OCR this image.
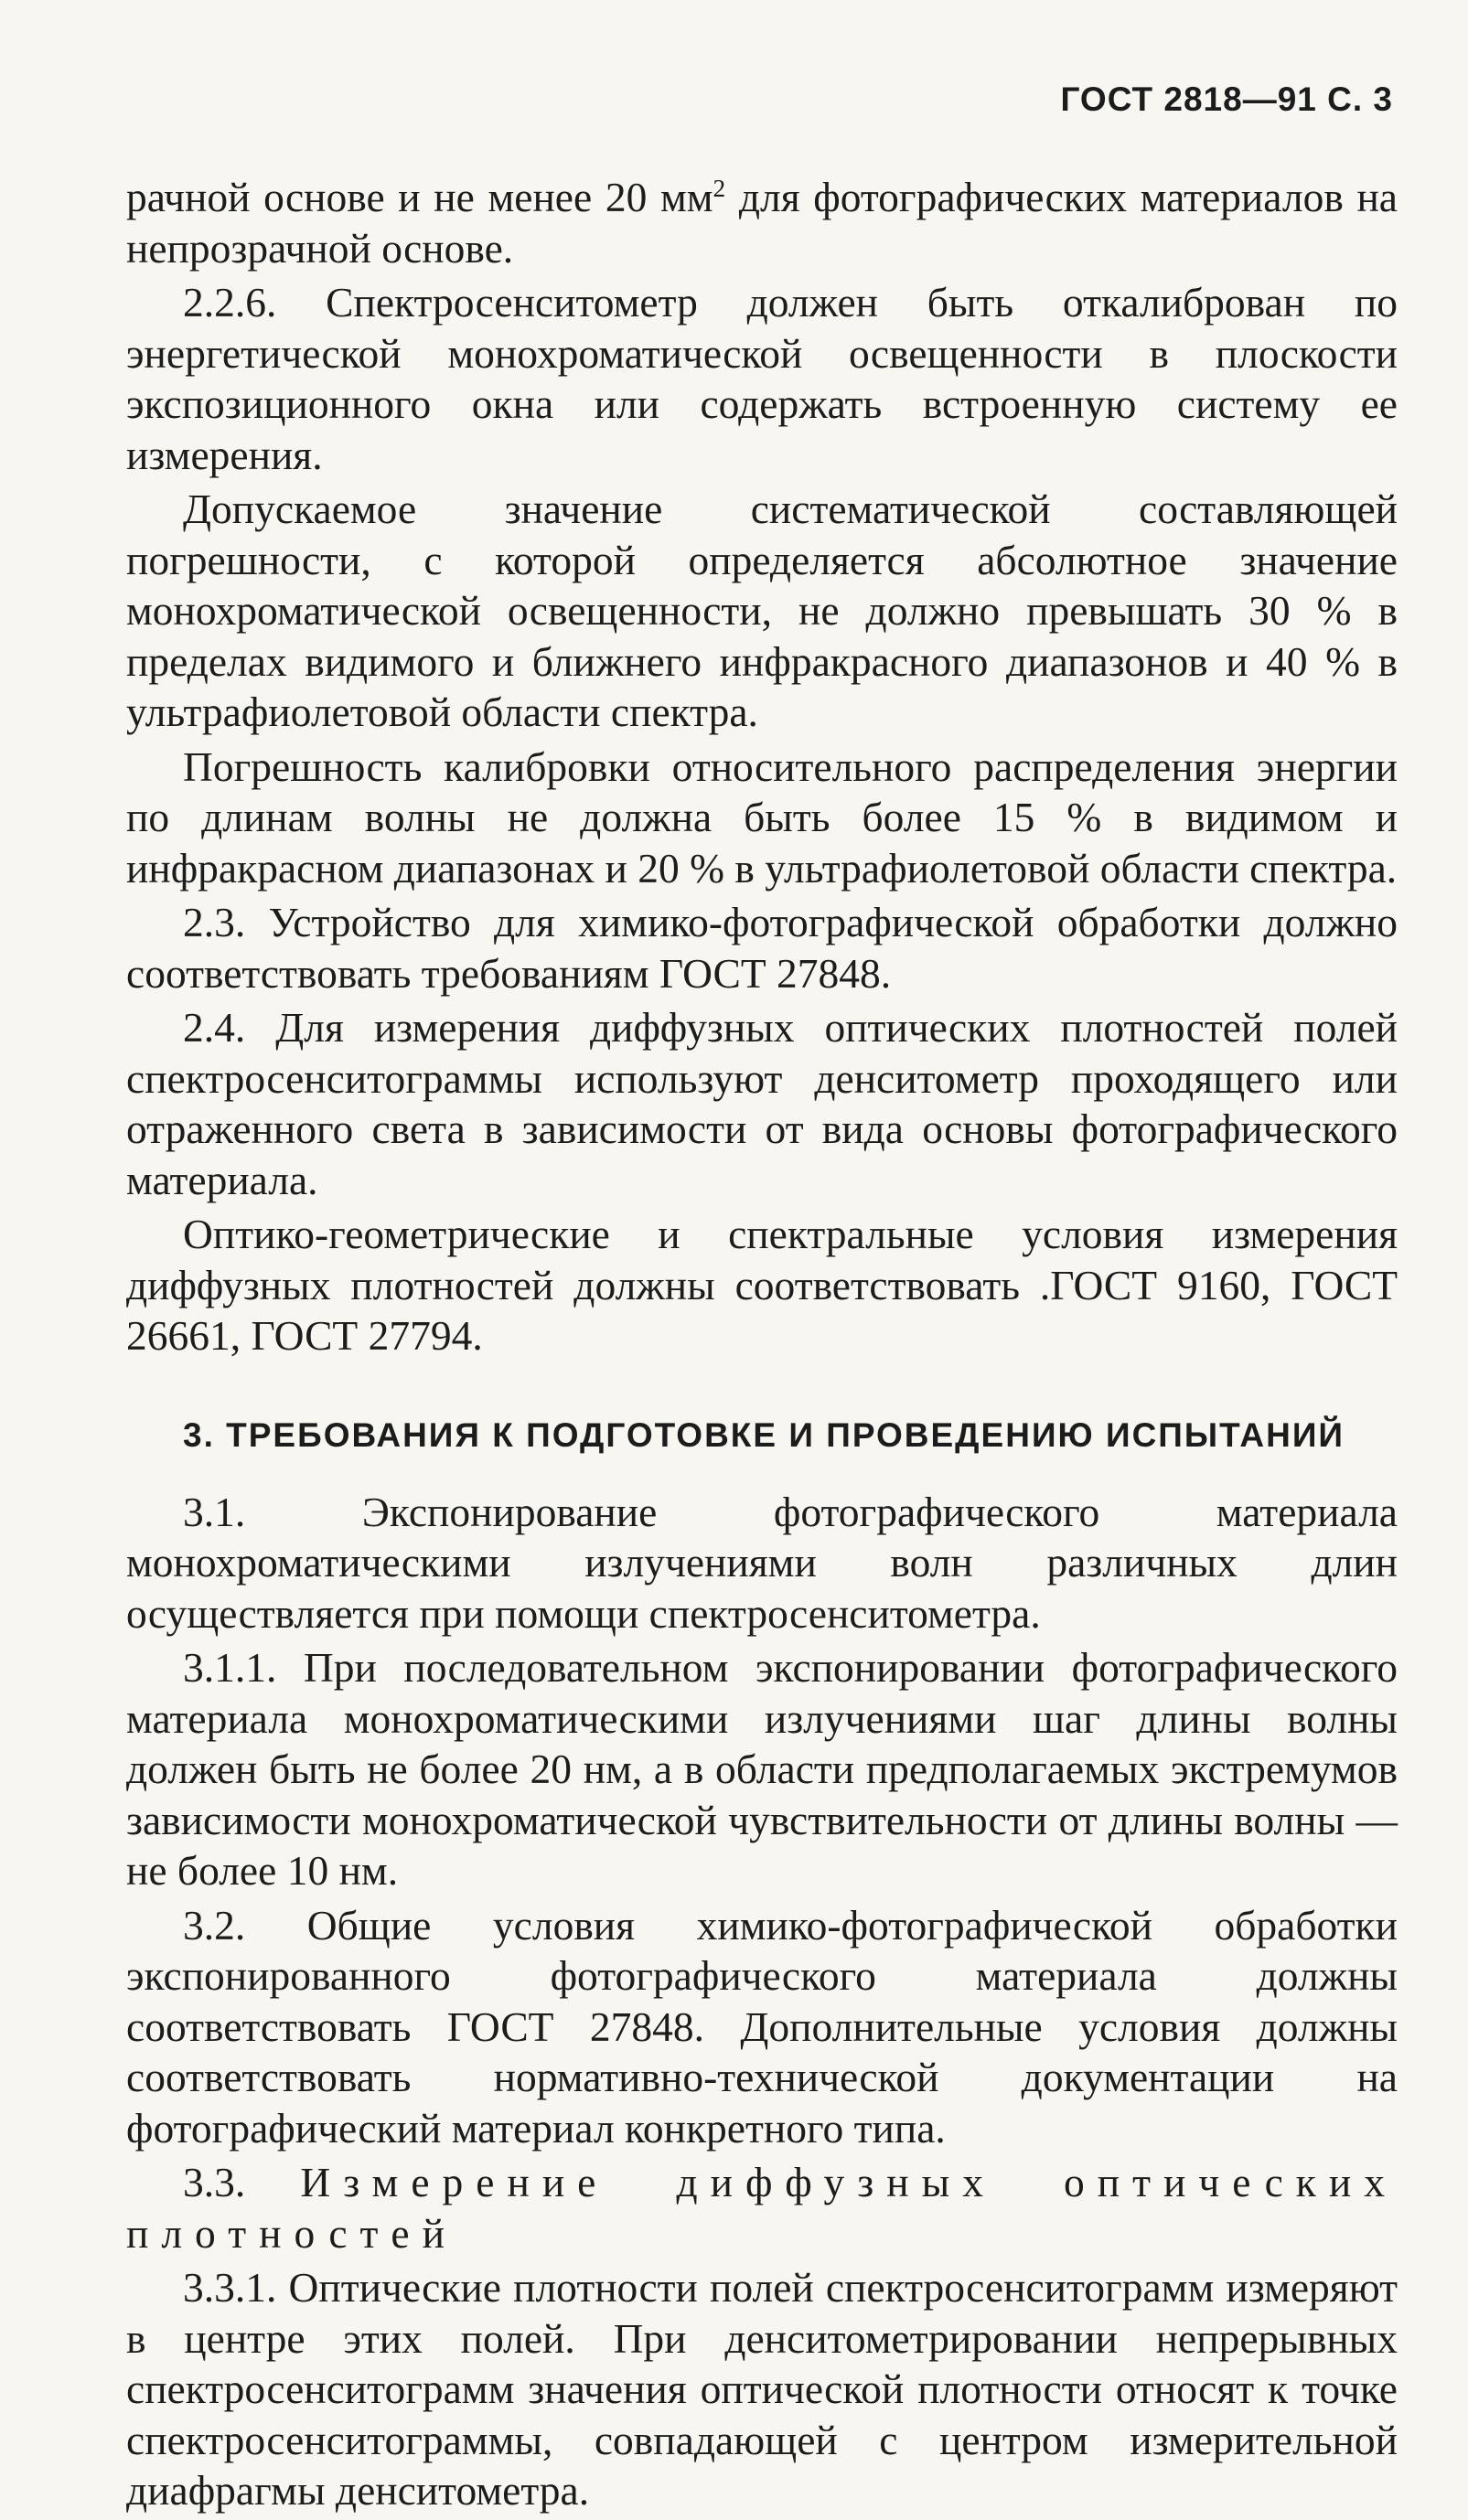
ГОСТ 2818—91 С. 3

рачной основе и не менее 20 $мм^2$ для фотографических материалов на непрозрачной основе.

2.2.6. Спектросенситометр должен быть откалиброван по энергетической монохроматической освещенности в плоскости экспозиционного окна или содержать встроенную систему ее измерения.

Допускаемое значение систематической составляющей погрешности, с которой определяется абсолютное значение монохроматической освещенности, не должно превышать 30 % в пределах видимого и ближнего инфракрасного диапазонов и 40 % в ультрафиолетовой области спектра.

Погрешность калибровки относительного распределения энергии по длинам волны не должна быть более 15 % в видимом и инфракрасном диапазонах и 20 % в ультрафиолетовой области спектра.

2.3. Устройство для химико-фотографической обработки должно соответствовать требованиям ГОСТ 27848.

2.4. Для измерения диффузных оптических плотностей полей спектросенситограммы используют денситометр проходящего или отраженного света в зависимости от вида основы фотографического материала.

Оптико-геометрические и спектральные условия измерения диффузных плотностей должны соответствовать .ГОСТ 9160, ГОСТ 26661, ГОСТ 27794.

3. ТРЕБОВАНИЯ К ПОДГОТОВКЕ И ПРОВЕДЕНИЮ ИСПЫТАНИЙ

3.1. Экспонирование фотографического материала монохроматическими излучениями волн различных длин осуществляется при помощи спектросенситометра.

3.1.1. При последовательном экспонировании фотографического материала монохроматическими излучениями шаг длины волны должен быть не более 20 нм, а в области предполагаемых экстремумов зависимости монохроматической чувствительности от длины волны — не более 10 нм.

3.2. Общие условия химико-фотографической обработки экспонированного фотографического материала должны соответствовать ГОСТ 27848. Дополнительные условия должны соответствовать нормативно-технической документации на фотографический материал конкретного типа.

3.3. Измерение диффузных оптических плотностей

3.3.1. Оптические плотности полей спектросенситограмм измеряют в центре этих полей. При денситометрировании непрерывных спектросенситограмм значения оптической плотности относят к точке спектросенситограммы, совпадающей с центром измерительной диафрагмы денситометра.
